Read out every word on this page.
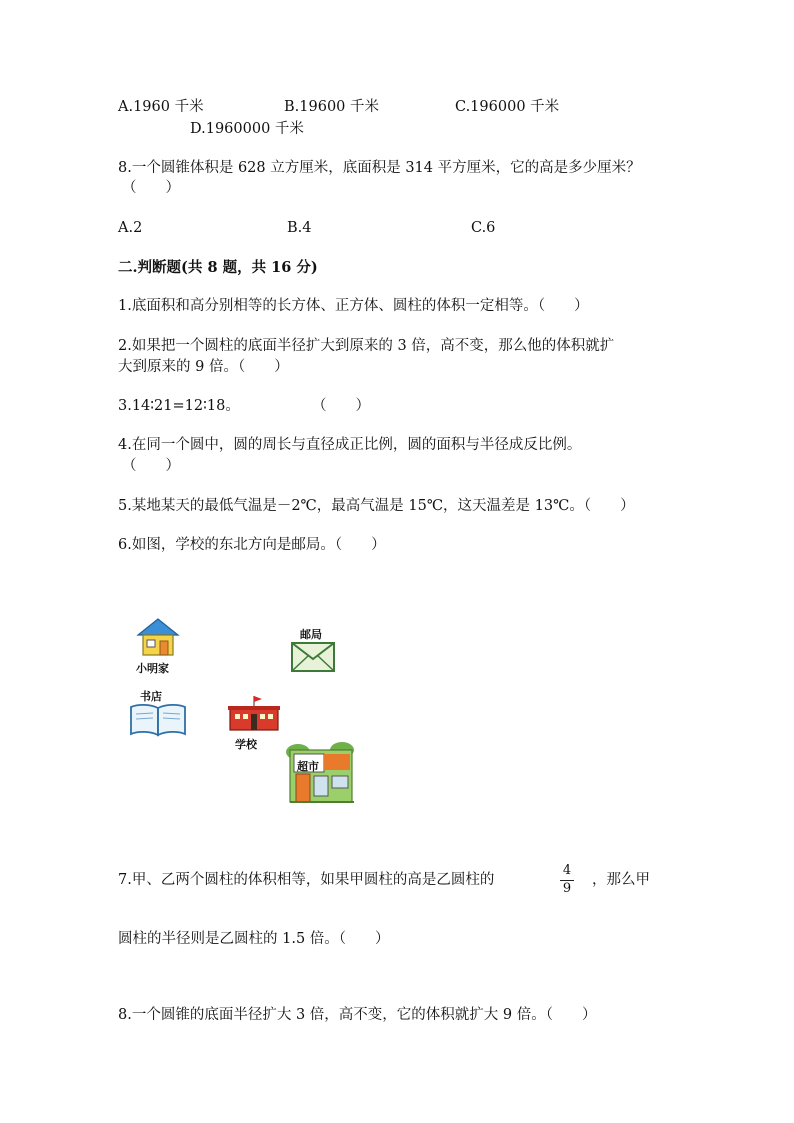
A.1960 千米	B.19600 千米	C.196000 千米
D.1960000 千米
8.一个圆锥体积是 628 立方厘米，底面积是 314 平方厘米，它的高是多少厘米？
（　　）
A.2	B.4	C.6
二.判断题(共 8 题，共 16 分)
1.底面积和高分别相等的长方体、正方体、圆柱的体积一定相等。（　　）
2.如果把一个圆柱的底面半径扩大到原来的 3 倍，高不变，那么他的体积就扩
大到原来的 9 倍。（　　）
3.14∶21=12∶18。	（　　）
4.在同一个圆中，圆的周长与直径成正比例，圆的面积与半径成反比例。
（　　）
5.某地某天的最低气温是－2℃，最高气温是 15℃，这天温差是 13℃。（　　）
6.如图，学校的东北方向是邮局。（　　）
小明家
邮局
书店
学校
超市
7.甲、乙两个圆柱的体积相等，如果甲圆柱的高是乙圆柱的
4
9
，那么甲
圆柱的半径则是乙圆柱的 1.5 倍。（　　）
8.一个圆锥的底面半径扩大 3 倍，高不变，它的体积就扩大 9 倍。（　　）
